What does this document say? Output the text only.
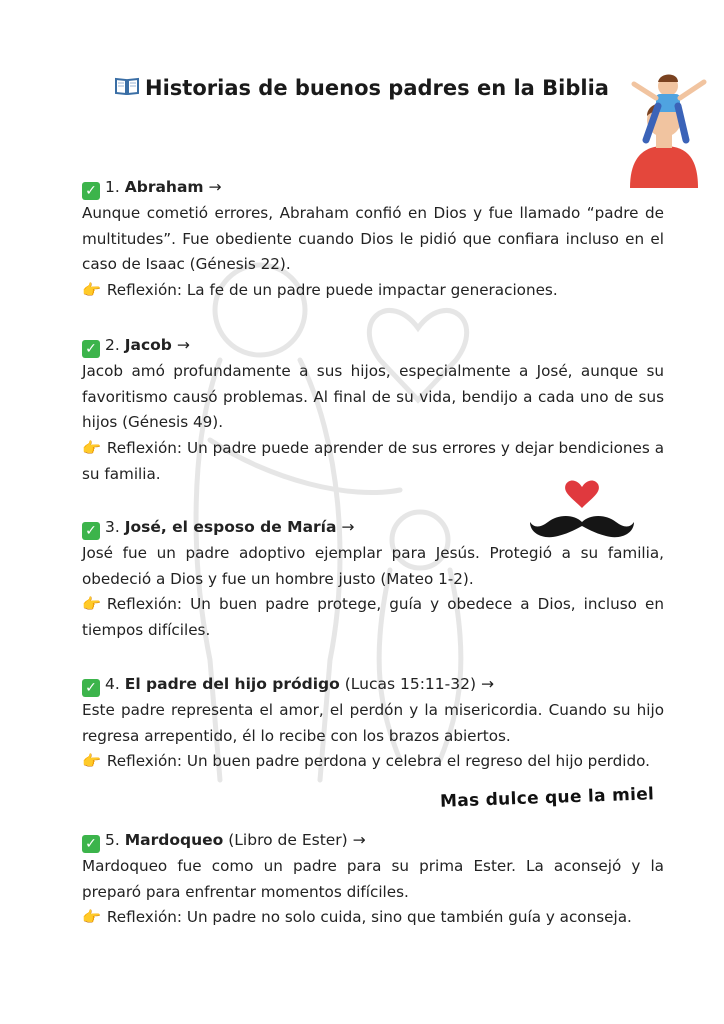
Historias de buenos padres en la Biblia

✓ 1. Abraham →

Aunque cometió errores, Abraham confió en Dios y fue llamado “padre de multitudes”. Fue obediente cuando Dios le pidió que confiara incluso en el caso de Isaac (Génesis 22).

👉 Reflexión: La fe de un padre puede impactar generaciones.

✓ 2. Jacob →

Jacob amó profundamente a sus hijos, especialmente a José, aunque su favoritismo causó problemas. Al final de su vida, bendijo a cada uno de sus hijos (Génesis 49).

👉 Reflexión: Un padre puede aprender de sus errores y dejar bendiciones a su familia.

✓ 3. José, el esposo de María →

José fue un padre adoptivo ejemplar para Jesús. Protegió a su familia, obedeció a Dios y fue un hombre justo (Mateo 1-2).

👉 Reflexión: Un buen padre protege, guía y obedece a Dios, incluso en tiempos difíciles.

✓ 4. El padre del hijo pródigo (Lucas 15:11-32) →

Este padre representa el amor, el perdón y la misericordia. Cuando su hijo regresa arrepentido, él lo recibe con los brazos abiertos.

👉 Reflexión: Un buen padre perdona y celebra el regreso del hijo perdido.

Mas dulce que la miel

✓ 5. Mardoqueo (Libro de Ester) →

Mardoqueo fue como un padre para su prima Ester. La aconsejó y la preparó para enfrentar momentos difíciles.

👉 Reflexión: Un padre no solo cuida, sino que también guía y aconseja.
